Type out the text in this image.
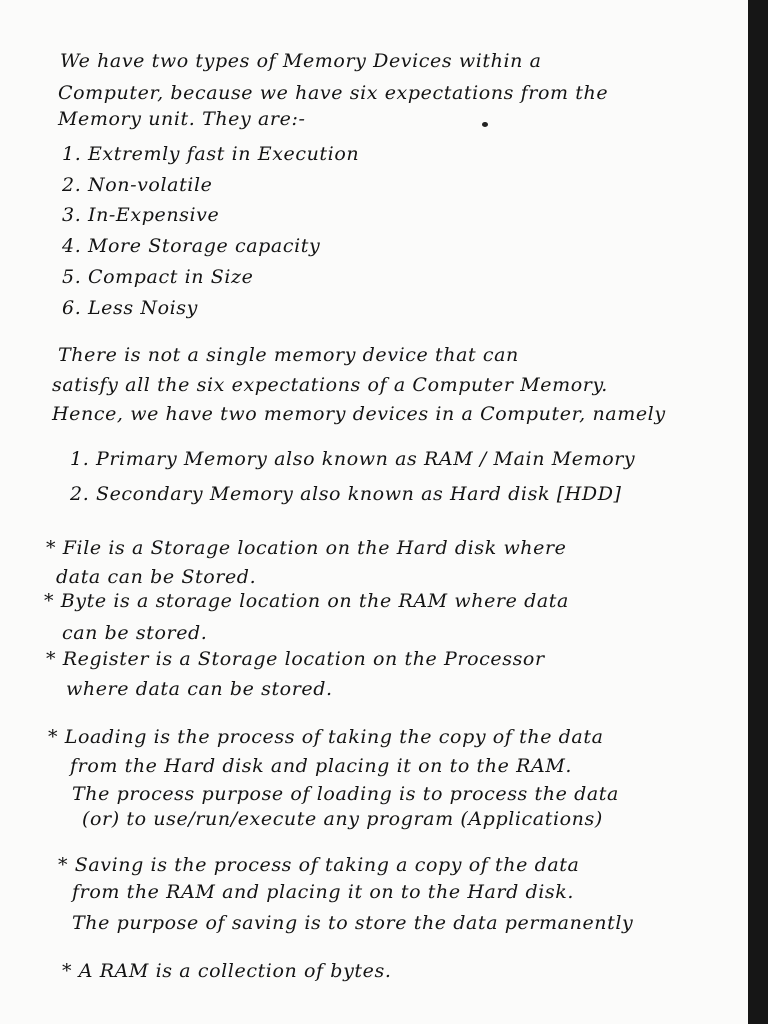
We have two types of Memory Devices within a

Computer, because we have six expectations from the

Memory unit. They are:-

1. Extremly fast in Execution

2. Non-volatile

3. In-Expensive

4. More Storage capacity

5. Compact in Size

6. Less Noisy

There is not a single memory device that can

satisfy all the six expectations of a Computer Memory.

Hence, we have two memory devices in a Computer, namely

1. Primary Memory also known as RAM / Main Memory

2. Secondary Memory also known as Hard disk [HDD]

* File is a Storage location on the Hard disk where

data can be Stored.

* Byte is a storage location on the RAM where data

can be stored.

* Register is a Storage location on the Processor

where data can be stored.

* Loading is the process of taking the copy of the data

from the Hard disk and placing it on to the RAM.

The process purpose of loading is to process the data

(or) to use/run/execute any program (Applications)

* Saving is the process of taking a copy of the data

from the RAM and placing it on to the Hard disk.

The purpose of saving is to store the data permanently

* A RAM is a collection of bytes.
